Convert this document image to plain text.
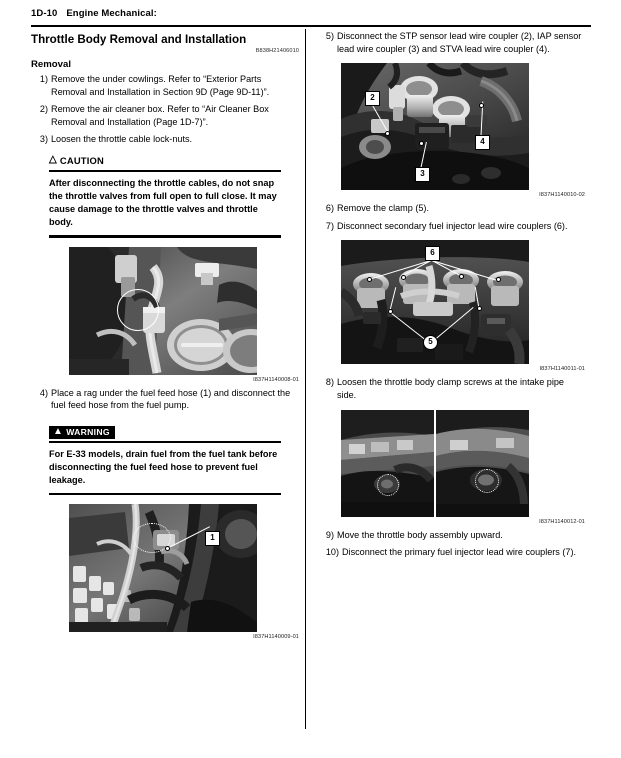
1D-10 Engine Mechanical:
Throttle Body Removal and Installation
B838H21406010
Removal
1) Remove the under cowlings. Refer to “Exterior Parts Removal and Installation in Section 9D (Page 9D-11)”.
2) Remove the air cleaner box. Refer to “Air Cleaner Box Removal and Installation (Page 1D-7)”.
3) Loosen the throttle cable lock-nuts.
△ CAUTION
After disconnecting the throttle cables, do not snap the throttle valves from full open to full close. It may cause damage to the throttle valves and throttle body.
I837H1140008-01
4) Place a rag under the fuel feed hose (1) and disconnect the fuel feed hose from the fuel pump.
▲ WARNING
For E-33 models, drain fuel from the fuel tank before disconnecting the fuel feed hose to prevent fuel leakage.
1
I837H1140009-01
5) Disconnect the STP sensor lead wire coupler (2), IAP sensor lead wire coupler (3) and STVA lead wire coupler (4).
2
3
4
I837H1140010-02
6) Remove the clamp (5).
7) Disconnect secondary fuel injector lead wire couplers (6).
6
5
I837H1140011-01
8) Loosen the throttle body clamp screws at the intake pipe side.
I837H1140012-01
9) Move the throttle body assembly upward.
10) Disconnect the primary fuel injector lead wire couplers (7).
